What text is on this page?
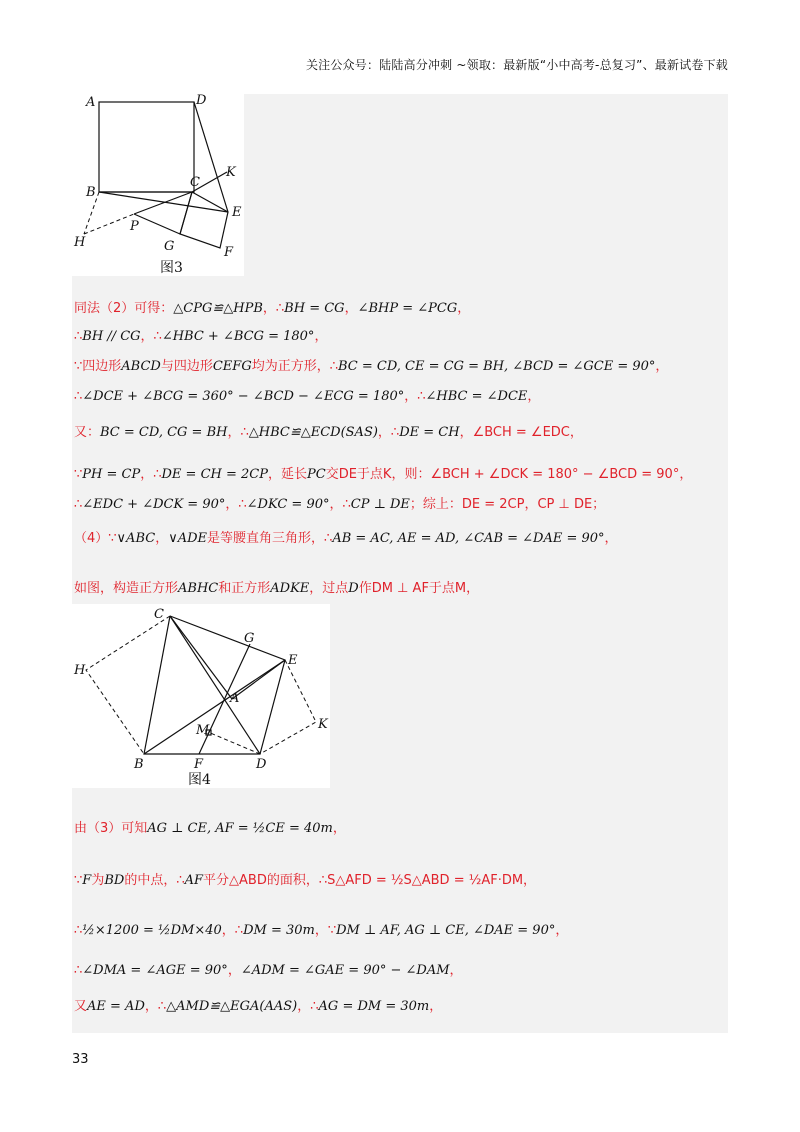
关注公众号：陆陆高分冲刺 ~领取：最新版“小中高考-总复习”、最新试卷下载
A	D
B
C
K
E
P
H	G	F
图3
C
G
E
H
A
K
M
B	F	D
图4
同法（2）可得：△CPG≌△HPB，∴BH = CG，∠BHP = ∠PCG，
∴BH // CG，∴∠HBC + ∠BCG = 180°，
∵四边形ABCD与四边形CEFG均为正方形，∴BC = CD, CE = CG = BH, ∠BCD = ∠GCE = 90°，
∴∠DCE + ∠BCG = 360° − ∠BCD − ∠ECG = 180°，∴∠HBC = ∠DCE，
又：BC = CD, CG = BH，∴△HBC≌△ECD(SAS)，∴DE = CH，∠BCH = ∠EDC，
∵PH = CP，∴DE = CH = 2CP，延长PC交DE于点K，则：∠BCH + ∠DCK = 180° − ∠BCD = 90°，
∴∠EDC + ∠DCK = 90°，∴∠DKC = 90°，∴CP ⊥ DE；综上：DE = 2CP，CP ⊥ DE；
（4）∵∨ABC，∨ADE是等腰直角三角形，∴AB = AC, AE = AD, ∠CAB = ∠DAE = 90°，
如图，构造正方形ABHC和正方形ADKE，过点D作DM ⊥ AF于点M，
由（3）可知AG ⊥ CE, AF = ½CE = 40m，
∵F为BD的中点，∴AF平分△ABD的面积，∴S△AFD = ½S△ABD = ½AF·DM，
∴½×1200 = ½DM×40，∴DM = 30m，∵DM ⊥ AF, AG ⊥ CE, ∠DAE = 90°，
∴∠DMA = ∠AGE = 90°，∠ADM = ∠GAE = 90° − ∠DAM，
又AE = AD，∴△AMD≌△EGA(AAS)，∴AG = DM = 30m，
33
